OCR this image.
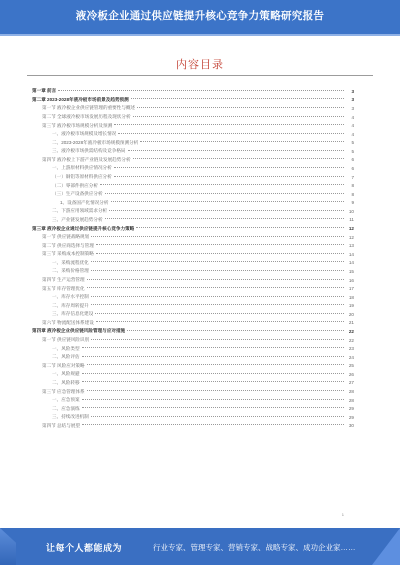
液冷板企业通过供应链提升核心竞争力策略研究报告
内容目录
第一章 前言	3
第二章 2023-2028年液冷板市场前景及趋势预测	3
第一节 液冷板企业供应链管理的重要性与概述	3
第二节 全球液冷板市场发展历程及现状分析	4
第三节 液冷板市场规模分析及预测	4
一、液冷板市场规模及增长情况	4
二、2023-2028年液冷板市场规模预测分析	5
三、液冷板市场供需结构及竞争格局	5
第四节 液冷板上下游产业链及发展趋势分析	6
一、上游原材料供应情况分析	6
（一）铜铝等原材料供应分析	7
（二）零部件供应分析	8
（三）生产设备供应分析	8
1、设备国产化情况分析	9
二、下游应用领域需求分析	10
三、产业链发展趋势分析	11
第三章 液冷板企业通过供应链提升核心竞争力策略	12
第一节 供应链战略规划	12
第二节 供应商选择与管理	13
第三节 采购成本控制策略	14
一、采购流程优化	14
二、采购价格管理	15
第四节 生产运营管理	16
第五节 库存管理优化	17
一、库存水平控制	18
二、库存周转提升	19
三、库存信息化建设	20
第六节 物流配送体系建设	21
第四章 液冷板企业供应链风险管理与应对措施	22
第一节 供应链风险识别	22
一、风险类型	23
二、风险评估	24
第二节 风险应对策略	25
一、风险规避	26
二、风险转移	27
第三节 应急管理体系	28
一、应急预案	28
二、应急演练	29
三、持续改进机制	29
第四节 总结与展望	30
1
让每个人都能成为	行业专家、管理专家、营销专家、战略专家、成功企业家……
